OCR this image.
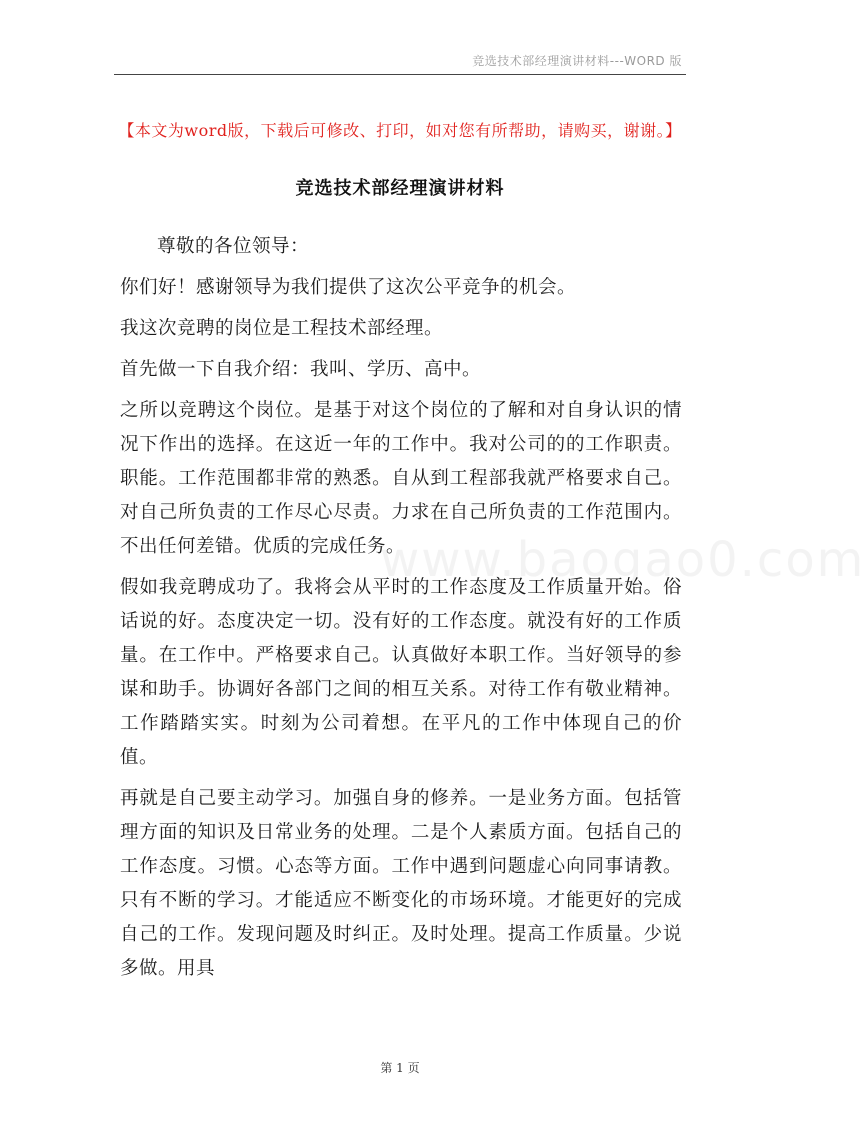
竞选技术部经理演讲材料---WORD 版
【本文为word版，下载后可修改、打印，如对您有所帮助，请购买，谢谢。】
竞选技术部经理演讲材料
www.baogao0.com

尊敬的各位领导：

你们好！感谢领导为我们提供了这次公平竞争的机会。

我这次竞聘的岗位是工程技术部经理。

首先做一下自我介绍：我叫、学历、高中。

之所以竞聘这个岗位。是基于对这个岗位的了解和对自身认识的情况下作出的选择。在这近一年的工作中。我对公司的的工作职责。职能。工作范围都非常的熟悉。自从到工程部我就严格要求自己。对自己所负责的工作尽心尽责。力求在自己所负责的工作范围内。不出任何差错。优质的完成任务。

假如我竞聘成功了。我将会从平时的工作态度及工作质量开始。俗话说的好。态度决定一切。没有好的工作态度。就没有好的工作质量。在工作中。严格要求自己。认真做好本职工作。当好领导的参谋和助手。协调好各部门之间的相互关系。对待工作有敬业精神。工作踏踏实实。时刻为公司着想。在平凡的工作中体现自己的价值。

再就是自己要主动学习。加强自身的修养。一是业务方面。包括管理方面的知识及日常业务的处理。二是个人素质方面。包括自己的工作态度。习惯。心态等方面。工作中遇到问题虚心向同事请教。只有不断的学习。才能适应不断变化的市场环境。才能更好的完成自己的工作。发现问题及时纠正。及时处理。提高工作质量。少说多做。用具

第 1 页
